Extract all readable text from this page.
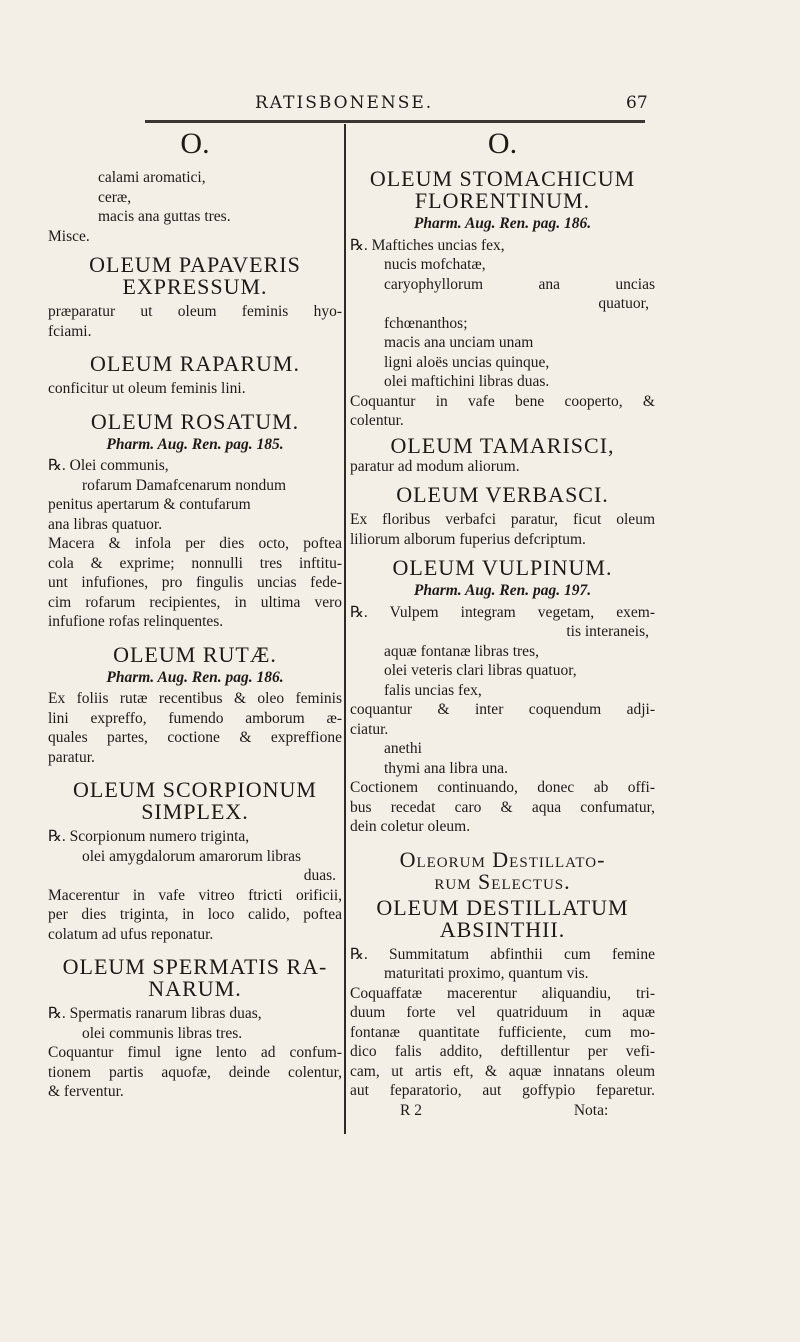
RATISBONENSE.	67
O.
calami aromatici,
ceræ,
macis ana guttas tres.
Misce.
OLEUM PAPAVERIS
EXPRESSUM.
præparatur ut oleum feminis hyo-
fciami.
OLEUM RAPARUM.
conficitur ut oleum feminis lini.
OLEUM ROSATUM.
Pharm. Aug. Ren. pag. 185.
℞. Olei communis,
rofarum Damafcenarum nondum
penitus apertarum & contufarum
ana libras quatuor.
Macera & infola per dies octo, poftea
cola & exprime; nonnulli tres inftitu-
unt infufiones, pro fingulis uncias fede-
cim rofarum recipientes, in ultima vero
infufione rofas relinquentes.
OLEUM RUTÆ.
Pharm. Aug. Ren. pag. 186.
Ex foliis rutæ recentibus & oleo feminis
lini expreffo, fumendo amborum æ-
quales partes, coctione & expreffione
paratur.
OLEUM SCORPIONUM
SIMPLEX.
℞. Scorpionum numero triginta,
olei amygdalorum amarorum libras
duas.
Macerentur in vafe vitreo ftricti orificii,
per dies triginta, in loco calido, poftea
colatum ad ufus reponatur.
OLEUM SPERMATIS RA-
NARUM.
℞. Spermatis ranarum libras duas,
olei communis libras tres.
Coquantur fimul igne lento ad confum-
tionem partis aquofæ, deinde colentur,
& ferventur.
O.
OLEUM STOMACHICUM
FLORENTINUM.
Pharm. Aug. Ren. pag. 186.
℞. Maftiches uncias fex,
nucis mofchatæ,
caryophyllorum ana uncias
quatuor,
fchœnanthos;
macis ana unciam unam
ligni aloës uncias quinque,
olei maftichini libras duas.
Coquantur in vafe bene cooperto, &
colentur.
OLEUM TAMARISCI,
paratur ad modum aliorum.
OLEUM VERBASCI.
Ex floribus verbafci paratur, ficut oleum
liliorum alborum fuperius defcriptum.
OLEUM VULPINUM.
Pharm. Aug. Ren. pag. 197.
℞. Vulpem integram vegetam, exem-
tis interaneis,
aquæ fontanæ libras tres,
olei veteris clari libras quatuor,
falis uncias fex,
coquantur & inter coquendum adji-
ciatur.
anethi
thymi ana libra una.
Coctionem continuando, donec ab offi-
bus recedat caro & aqua confumatur,
dein coletur oleum.
Oleorum Destillato-
rum Selectus.
OLEUM DESTILLATUM
ABSINTHII.
℞. Summitatum abfinthii cum femine
maturitati proximo, quantum vis.
Coquaffatæ macerentur aliquandiu, tri-
duum forte vel quatriduum in aquæ
fontanæ quantitate fufficiente, cum mo-
dico falis addito, deftillentur per vefi-
cam, ut artis eft, & aquæ innatans oleum
aut feparatorio, aut goffypio feparetur.
R 2	Nota:
